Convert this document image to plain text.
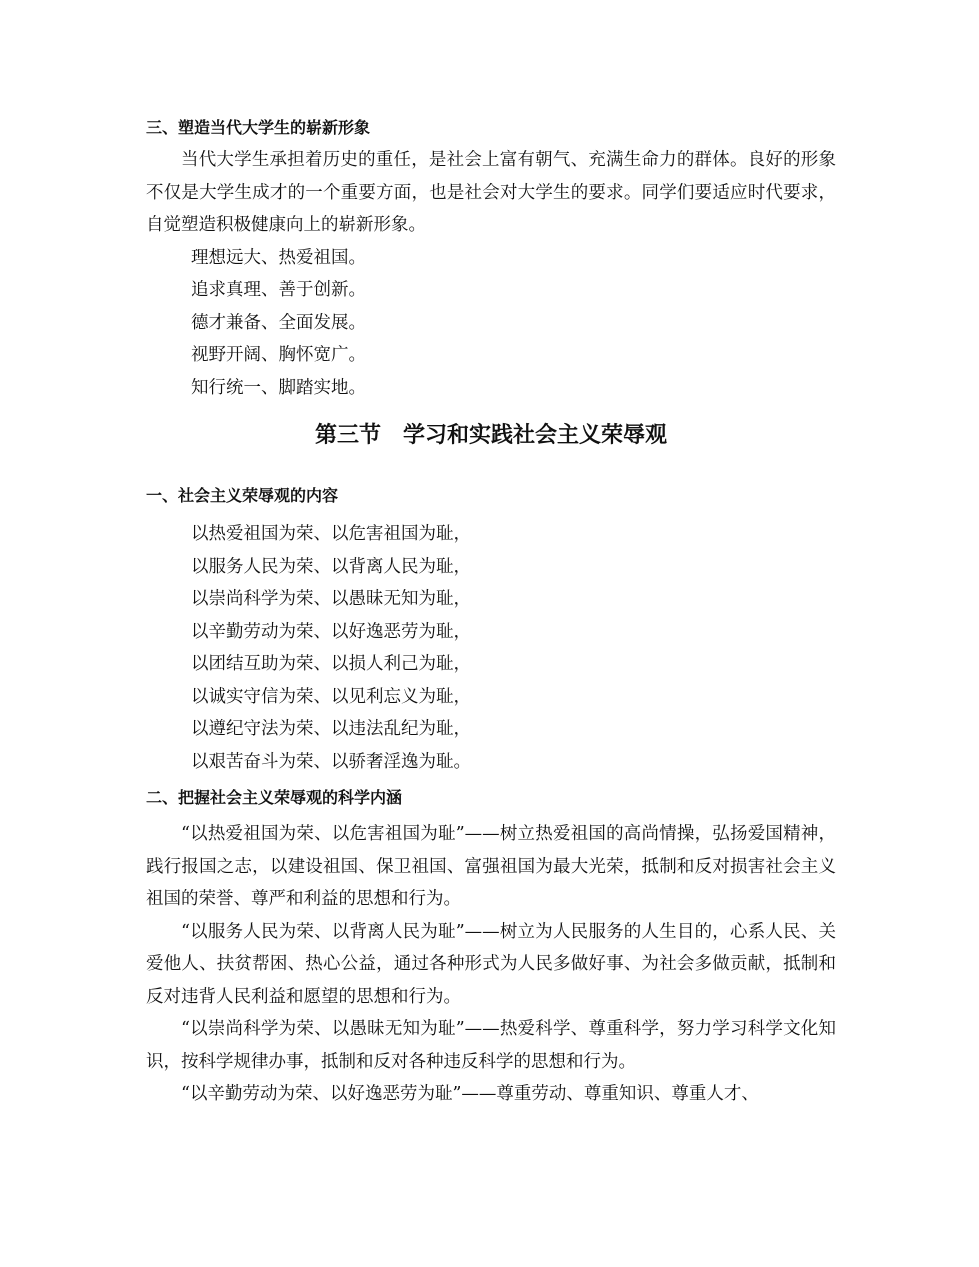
三、塑造当代大学生的崭新形象

当代大学生承担着历史的重任，是社会上富有朝气、充满生命力的群体。良好的形象不仅是大学生成才的一个重要方面，也是社会对大学生的要求。同学们要适应时代要求，自觉塑造积极健康向上的崭新形象。

理想远大、热爱祖国。

追求真理、善于创新。

德才兼备、全面发展。

视野开阔、胸怀宽广。

知行统一、脚踏实地。

第三节　学习和实践社会主义荣辱观
一、社会主义荣辱观的内容

以热爱祖国为荣、以危害祖国为耻，

以服务人民为荣、以背离人民为耻，

以崇尚科学为荣、以愚昧无知为耻，

以辛勤劳动为荣、以好逸恶劳为耻，

以团结互助为荣、以损人利己为耻，

以诚实守信为荣、以见利忘义为耻，

以遵纪守法为荣、以违法乱纪为耻，

以艰苦奋斗为荣、以骄奢淫逸为耻。

二、把握社会主义荣辱观的科学内涵

“以热爱祖国为荣、以危害祖国为耻”——树立热爱祖国的高尚情操，弘扬爱国精神，践行报国之志，以建设祖国、保卫祖国、富强祖国为最大光荣，抵制和反对损害社会主义祖国的荣誉、尊严和利益的思想和行为。

“以服务人民为荣、以背离人民为耻”——树立为人民服务的人生目的，心系人民、关爱他人、扶贫帮困、热心公益，通过各种形式为人民多做好事、为社会多做贡献，抵制和反对违背人民利益和愿望的思想和行为。

“以崇尚科学为荣、以愚昧无知为耻”——热爱科学、尊重科学，努力学习科学文化知识，按科学规律办事，抵制和反对各种违反科学的思想和行为。

“以辛勤劳动为荣、以好逸恶劳为耻”——尊重劳动、尊重知识、尊重人才、
